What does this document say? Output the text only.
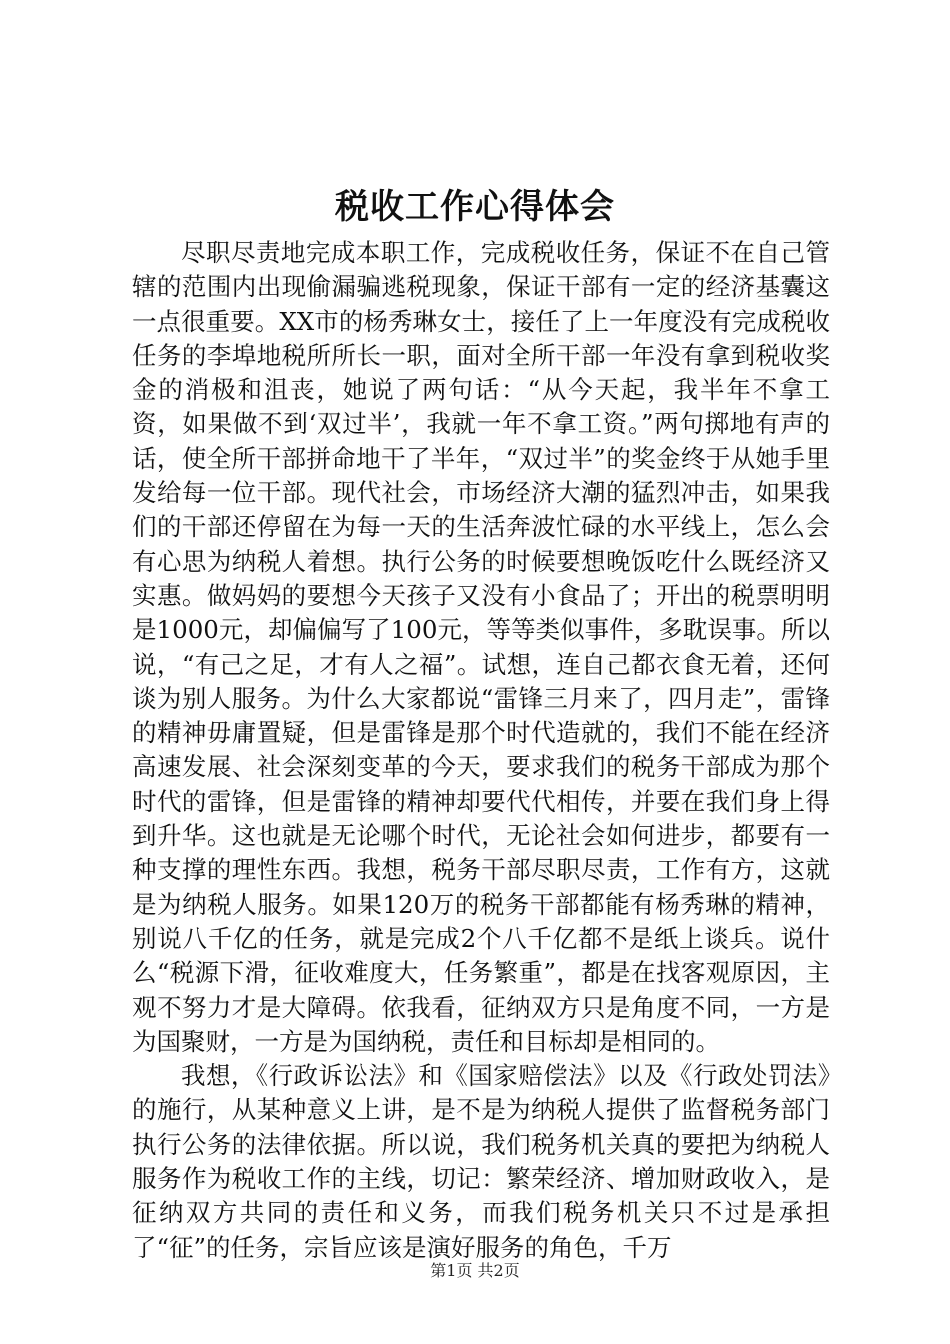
税收工作心得体会

尽职尽责地完成本职工作，完成税收任务，保证不在自己管辖的范围内出现偷漏骗逃税现象，保证干部有一定的经济基囊这一点很重要。XX市的杨秀琳女士，接任了上一年度没有完成税收任务的李埠地税所所长一职，面对全所干部一年没有拿到税收奖金的消极和沮丧，她说了两句话：“从今天起，我半年不拿工资，如果做不到‘双过半’，我就一年不拿工资。”两句掷地有声的话，使全所干部拼命地干了半年，“双过半”的奖金终于从她手里发给每一位干部。现代社会，市场经济大潮的猛烈冲击，如果我们的干部还停留在为每一天的生活奔波忙碌的水平线上，怎么会有心思为纳税人着想。执行公务的时候要想晚饭吃什么既经济又实惠。做妈妈的要想今天孩子又没有小食品了；开出的税票明明是1000元，却偏偏写了100元，等等类似事件，多耽误事。所以说，“有己之足，才有人之福”。试想，连自己都衣食无着，还何谈为别人服务。为什么大家都说“雷锋三月来了，四月走”，雷锋的精神毋庸置疑，但是雷锋是那个时代造就的，我们不能在经济高速发展、社会深刻变革的今天，要求我们的税务干部成为那个时代的雷锋，但是雷锋的精神却要代代相传，并要在我们身上得到升华。这也就是无论哪个时代，无论社会如何进步，都要有一种支撑的理性东西。我想，税务干部尽职尽责，工作有方，这就是为纳税人服务。如果120万的税务干部都能有杨秀琳的精神，别说八千亿的任务，就是完成2个八千亿都不是纸上谈兵。说什么“税源下滑，征收难度大，任务繁重”，都是在找客观原因，主观不努力才是大障碍。依我看，征纳双方只是角度不同，一方是为国聚财，一方是为国纳税，责任和目标却是相同的。

我想，《行政诉讼法》和《国家赔偿法》以及《行政处罚法》的施行，从某种意义上讲，是不是为纳税人提供了监督税务部门执行公务的法律依据。所以说，我们税务机关真的要把为纳税人服务作为税收工作的主线，切记：繁荣经济、增加财政收入，是征纳双方共同的责任和义务，而我们税务机关只不过是承担了“征”的任务，宗旨应该是演好服务的角色，千万

第1页 共2页
